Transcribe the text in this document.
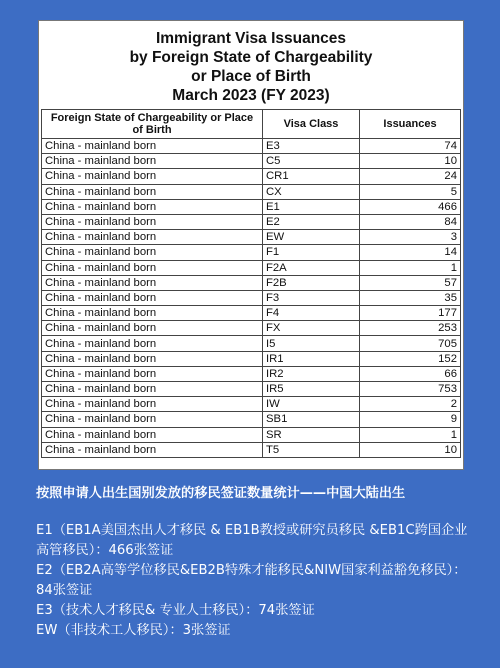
Immigrant Visa Issuances
by Foreign State of Chargeability
or Place of Birth
March 2023 (FY 2023)
Foreign State of Chargeability or Place of Birth	Visa Class	Issuances
China - mainland born	E3	74
China - mainland born	C5	10
China - mainland born	CR1	24
China - mainland born	CX	5
China - mainland born	E1	466
China - mainland born	E2	84
China - mainland born	EW	3
China - mainland born	F1	14
China - mainland born	F2A	1
China - mainland born	F2B	57
China - mainland born	F3	35
China - mainland born	F4	177
China - mainland born	FX	253
China - mainland born	I5	705
China - mainland born	IR1	152
China - mainland born	IR2	66
China - mainland born	IR5	753
China - mainland born	IW	2
China - mainland born	SB1	9
China - mainland born	SR	1
China - mainland born	T5	10
按照申请人出生国别发放的移民签证数量统计——中国大陆出生
E1（EB1A美国杰出人才移民 & EB1B教授或研究员移民 &EB1C跨国企业高管移民）：466张签证
E2（EB2A高等学位移民&EB2B特殊才能移民&NIW国家利益豁免移民）：84张签证
E3（技术人才移民& 专业人士移民）：74张签证
EW（非技术工人移民）：3张签证
